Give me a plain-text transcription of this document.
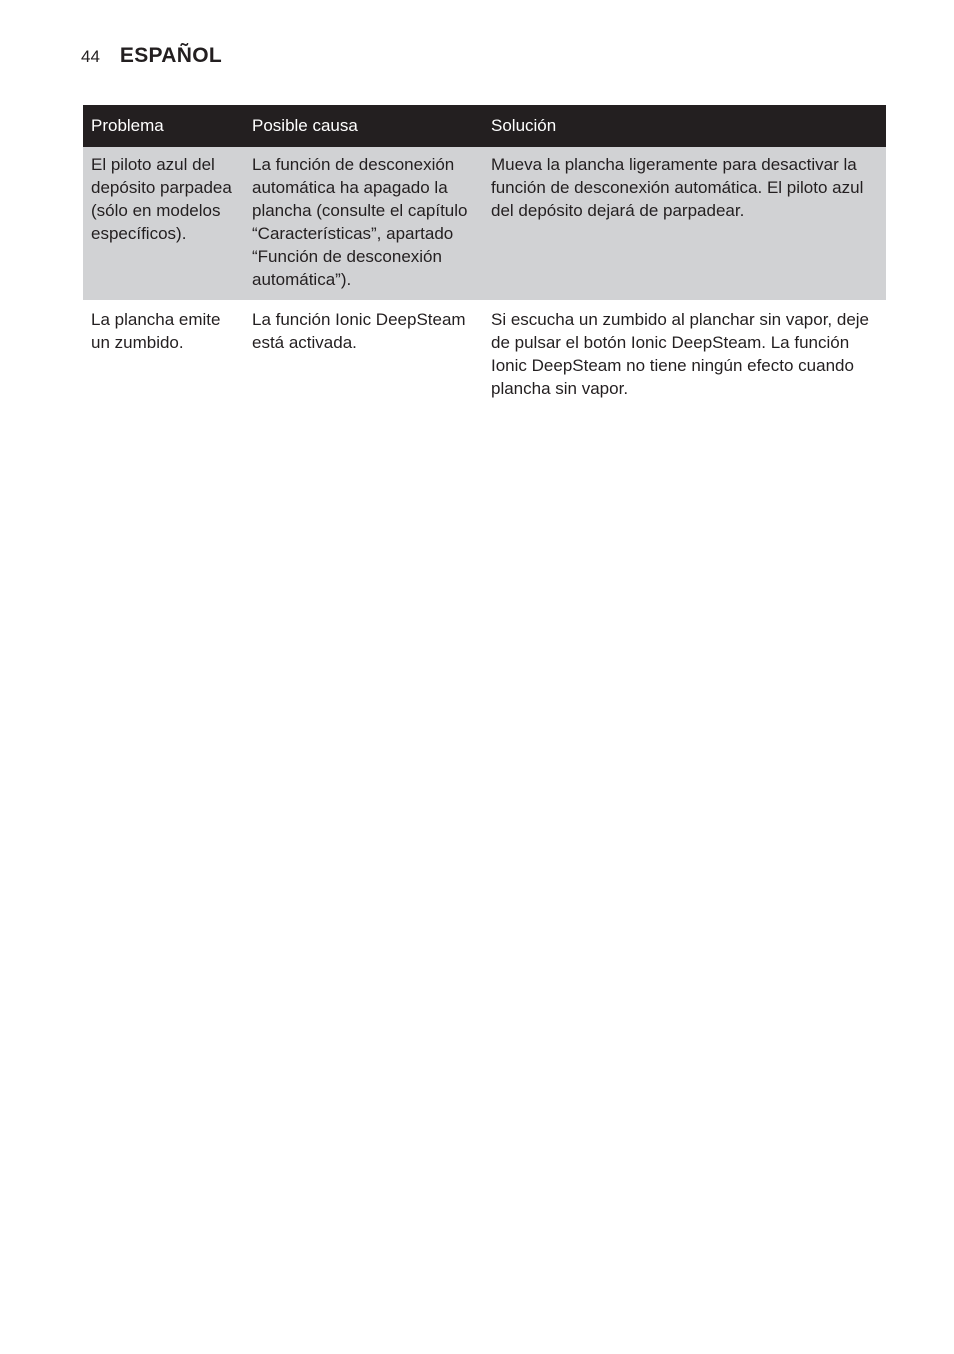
44 ESPAÑOL
Problema	Posible causa	Solución
El piloto azul del depósito parpadea (sólo en modelos específicos).	La función de desconexión automática ha apagado la plancha (consulte el capítulo “Características”, apartado “Función de desconexión automática”).	Mueva la plancha ligeramente para desactivar la función de desconexión automática. El piloto azul del depósito dejará de parpadear.
La plancha emite un zumbido.	La función Ionic DeepSteam está activada.	Si escucha un zumbido al planchar sin vapor, deje de pulsar el botón Ionic DeepSteam. La función Ionic DeepSteam no tiene ningún efecto cuando plancha sin vapor.
